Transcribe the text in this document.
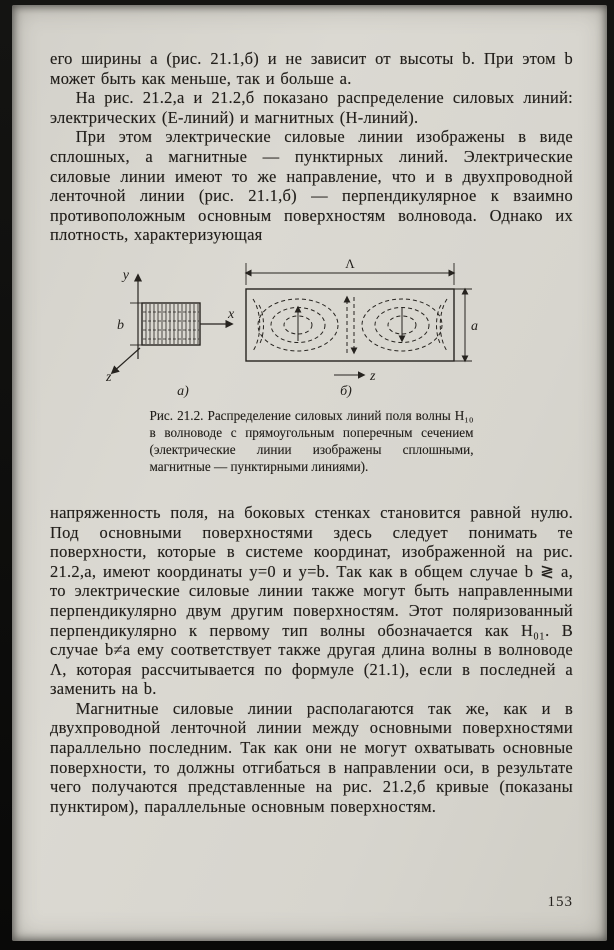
его ширины a (рис. 21.1,б) и не зависит от высоты b. При этом b может быть как меньше, так и больше a.

На рис. 21.2,а и 21.2,б показано распределение силовых линий: электрических (Е-линий) и магнитных (Н-линий).

При этом электрические силовые линии изображены в виде сплошных, а магнитные — пунктирных линий. Электрические силовые линии имеют то же направление, что и в двухпроводной ленточной линии (рис. 21.1,б) — перпендикулярное к взаимно противоположным основным поверхностям волновода. Однако их плотность, характеризующая

y
x
z
b
а)
Λ
a
z
б)
Рис. 21.2. Распределение силовых линий поля волны H₁₀ в волноводе с прямоугольным поперечным сечением (электрические линии изображены сплошными, магнитные — пунктирными линиями).

напряженность поля, на боковых стенках становится равной нулю. Под основными поверхностями здесь следует понимать те поверхности, которые в системе координат, изображенной на рис. 21.2,а, имеют координаты y=0 и y=b. Так как в общем случае b ≷ a, то электрические силовые линии также могут быть направленными перпендикулярно двум другим поверхностям. Этот поляризованный перпендикулярно к первому тип волны обозначается как H₀₁. В случае b≠a ему соответствует также другая длина волны в волноводе Λ, которая рассчитывается по формуле (21.1), если в последней a заменить на b.

Магнитные силовые линии располагаются так же, как и в двухпроводной ленточной линии между основными поверхностями параллельно последним. Так как они не могут охватывать основные поверхности, то должны отгибаться в направлении оси, в результате чего получаются представленные на рис. 21.2,б кривые (показаны пунктиром), параллельные основным поверхностям.

153
